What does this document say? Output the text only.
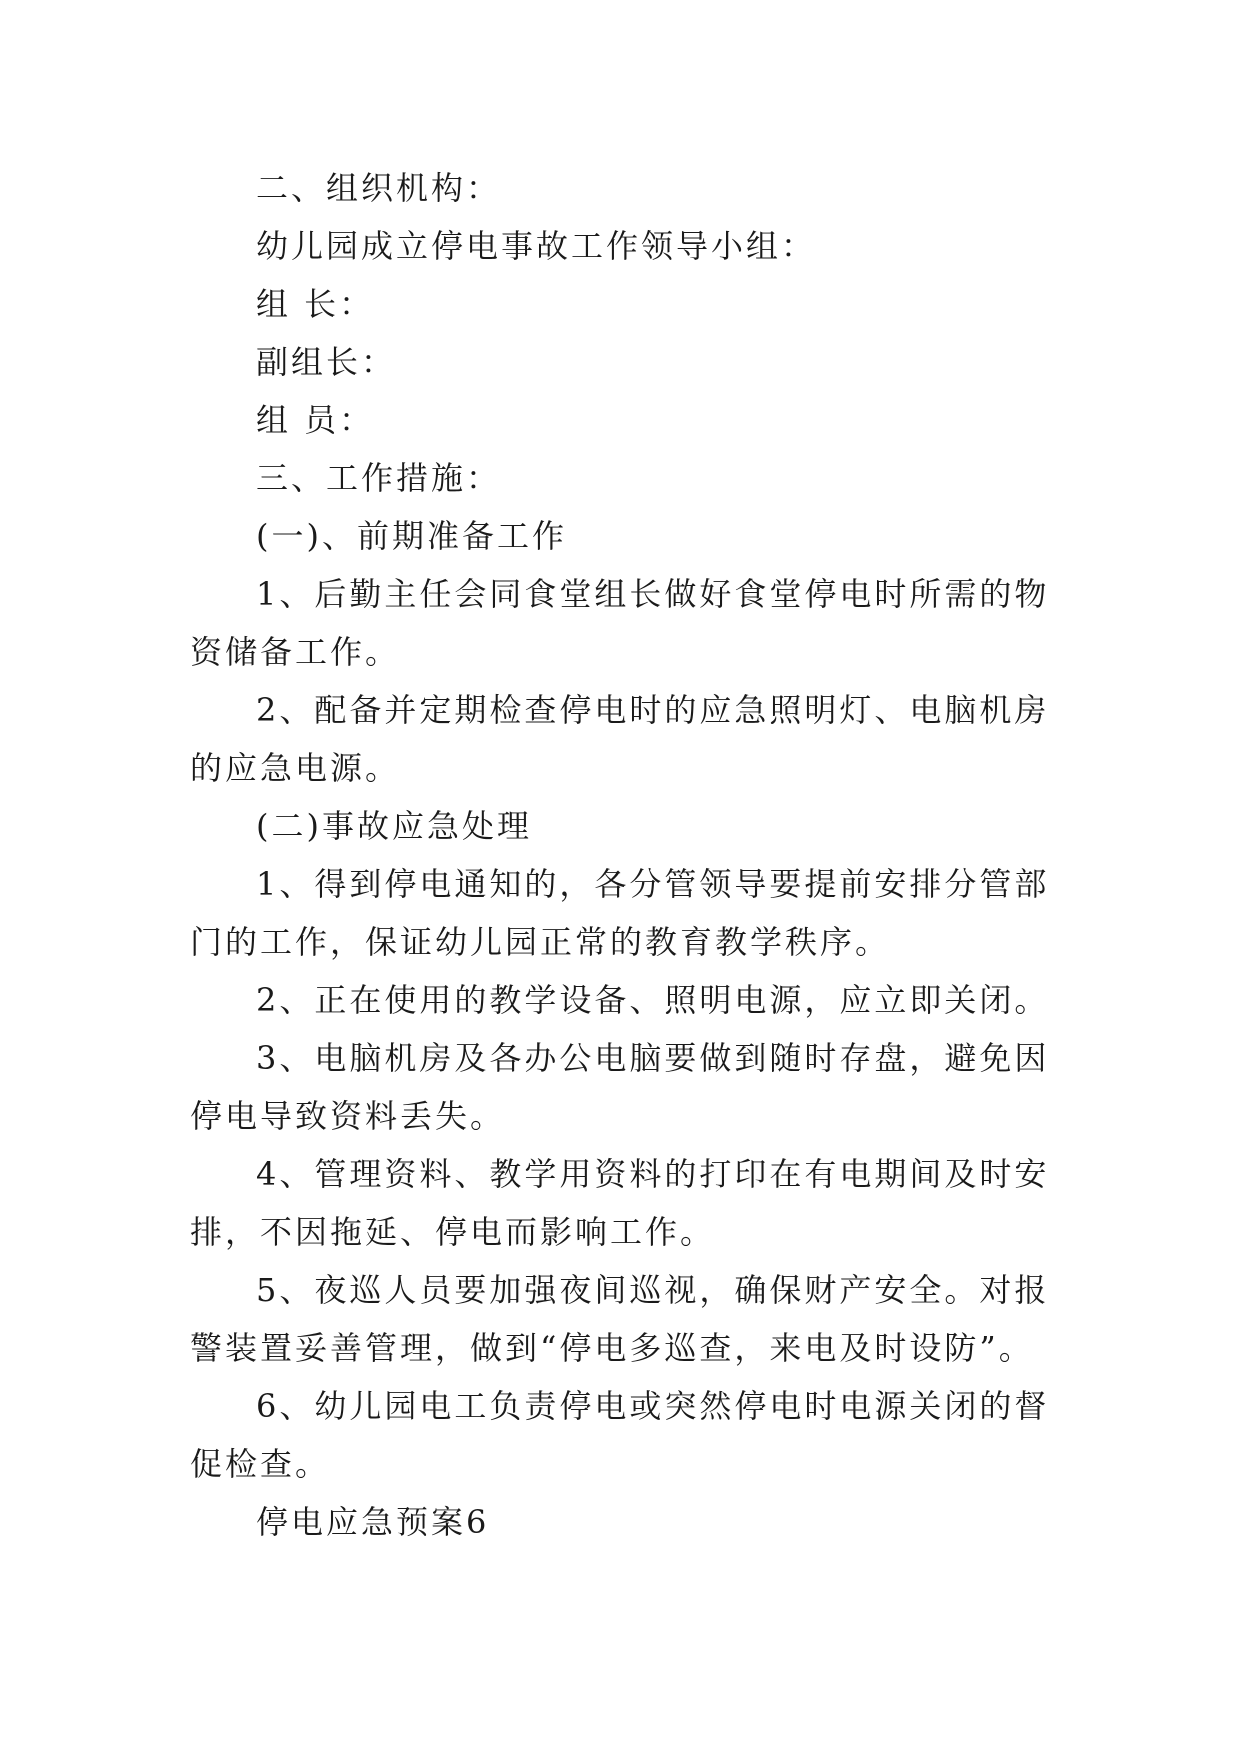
二、组织机构：

幼儿园成立停电事故工作领导小组：

组 长：

副组长：

组 员：

三、工作措施：

(一)、前期准备工作

1、后勤主任会同食堂组长做好食堂停电时所需的物资储备工作。

2、配备并定期检查停电时的应急照明灯、电脑机房的应急电源。

(二)事故应急处理

1、得到停电通知的，各分管领导要提前安排分管部门的工作，保证幼儿园正常的教育教学秩序。

2、正在使用的教学设备、照明电源，应立即关闭。

3、电脑机房及各办公电脑要做到随时存盘，避免因停电导致资料丢失。

4、管理资料、教学用资料的打印在有电期间及时安排，不因拖延、停电而影响工作。

5、夜巡人员要加强夜间巡视，确保财产安全。对报警装置妥善管理，做到“停电多巡查，来电及时设防”。

6、幼儿园电工负责停电或突然停电时电源关闭的督促检查。

停电应急预案6
